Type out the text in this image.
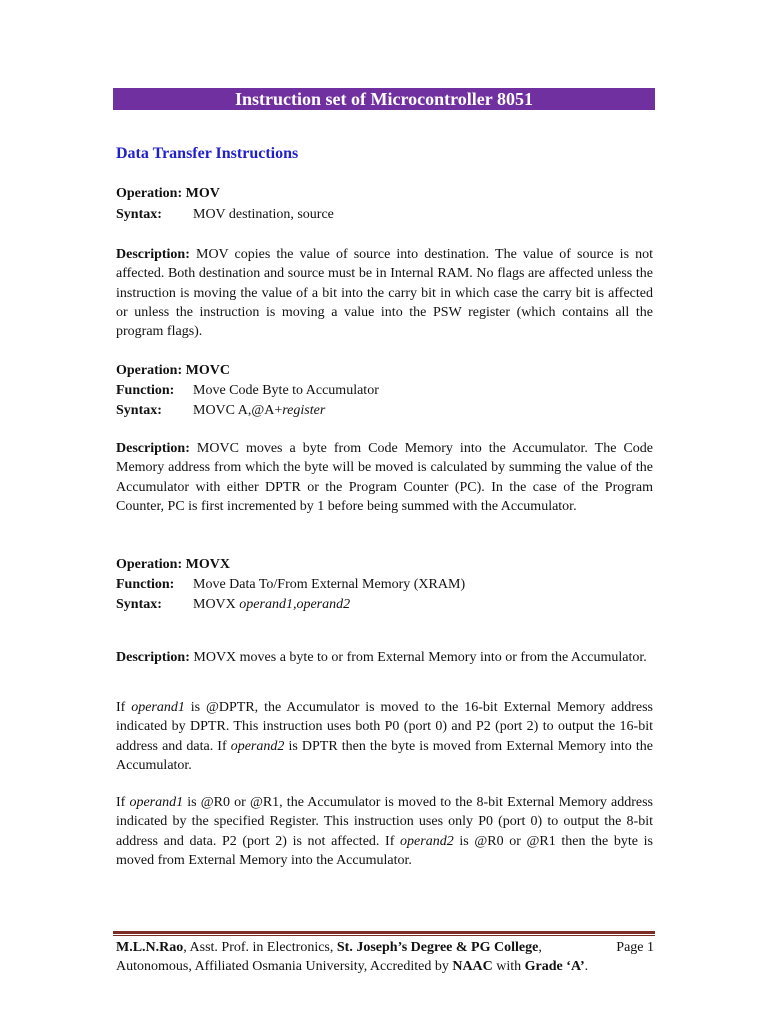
Instruction set of Microcontroller 8051
Data Transfer Instructions
Operation: MOV
Syntax: MOV destination, source
Description: MOV copies the value of source into destination. The value of source is not affected. Both destination and source must be in Internal RAM. No flags are affected unless the instruction is moving the value of a bit into the carry bit in which case the carry bit is affected or unless the instruction is moving a value into the PSW register (which contains all the program flags).
Operation: MOVC
Function: Move Code Byte to Accumulator
Syntax: MOVC A,@A+register
Description: MOVC moves a byte from Code Memory into the Accumulator. The Code Memory address from which the byte will be moved is calculated by summing the value of the Accumulator with either DPTR or the Program Counter (PC). In the case of the Program Counter, PC is first incremented by 1 before being summed with the Accumulator.
Operation: MOVX
Function: Move Data To/From External Memory (XRAM)
Syntax: MOVX operand1,operand2
Description: MOVX moves a byte to or from External Memory into or from the Accumulator.
If operand1 is @DPTR, the Accumulator is moved to the 16-bit External Memory address indicated by DPTR. This instruction uses both P0 (port 0) and P2 (port 2) to output the 16-bit address and data. If operand2 is DPTR then the byte is moved from External Memory into the Accumulator.
If operand1 is @R0 or @R1, the Accumulator is moved to the 8-bit External Memory address indicated by the specified Register. This instruction uses only P0 (port 0) to output the 8-bit address and data. P2 (port 2) is not affected. If operand2 is @R0 or @R1 then the byte is moved from External Memory into the Accumulator.
M.L.N.Rao, Asst. Prof. in Electronics, St. Joseph’s Degree & PG College,	Page 1
Autonomous, Affiliated Osmania University, Accredited by NAAC with Grade ‘A’.
